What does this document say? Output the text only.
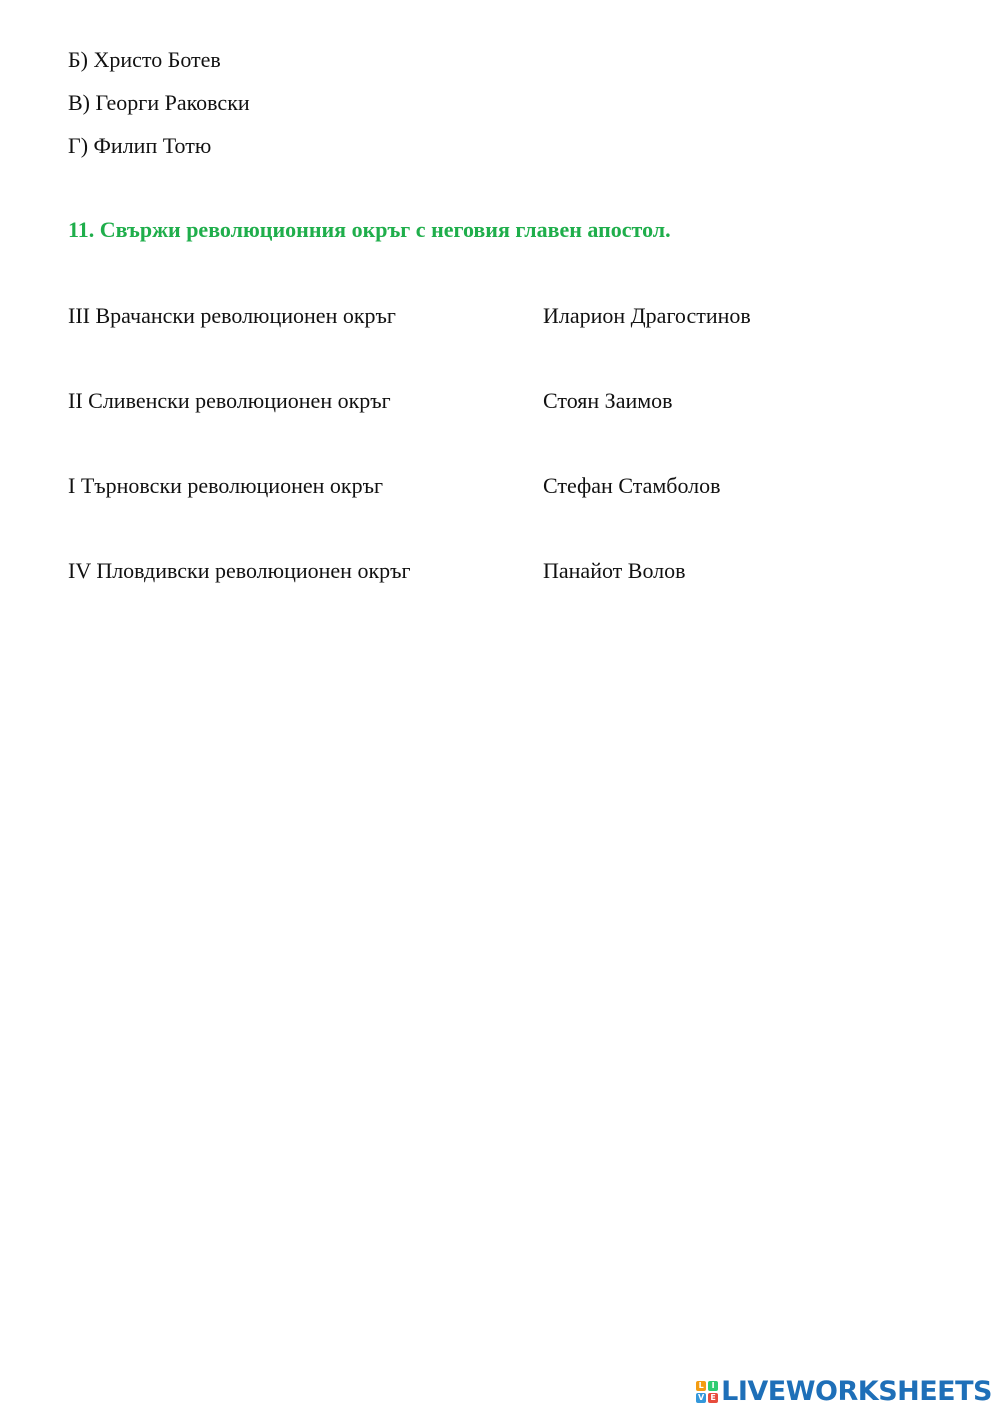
Б) Христо Ботев
В) Георги Раковски
Г) Филип Тотю
11. Свържи революционния окръг с неговия главен апостол.
III Врачански революционен окръг	Иларион Драгостинов
II Сливенски революционен окръг	Стоян Заимов
I Търновски революционен окръг	Стефан Стамболов
IV Пловдивски революционен окръг	Панайот Волов
L I
V E LIVEWORKSHEETS
